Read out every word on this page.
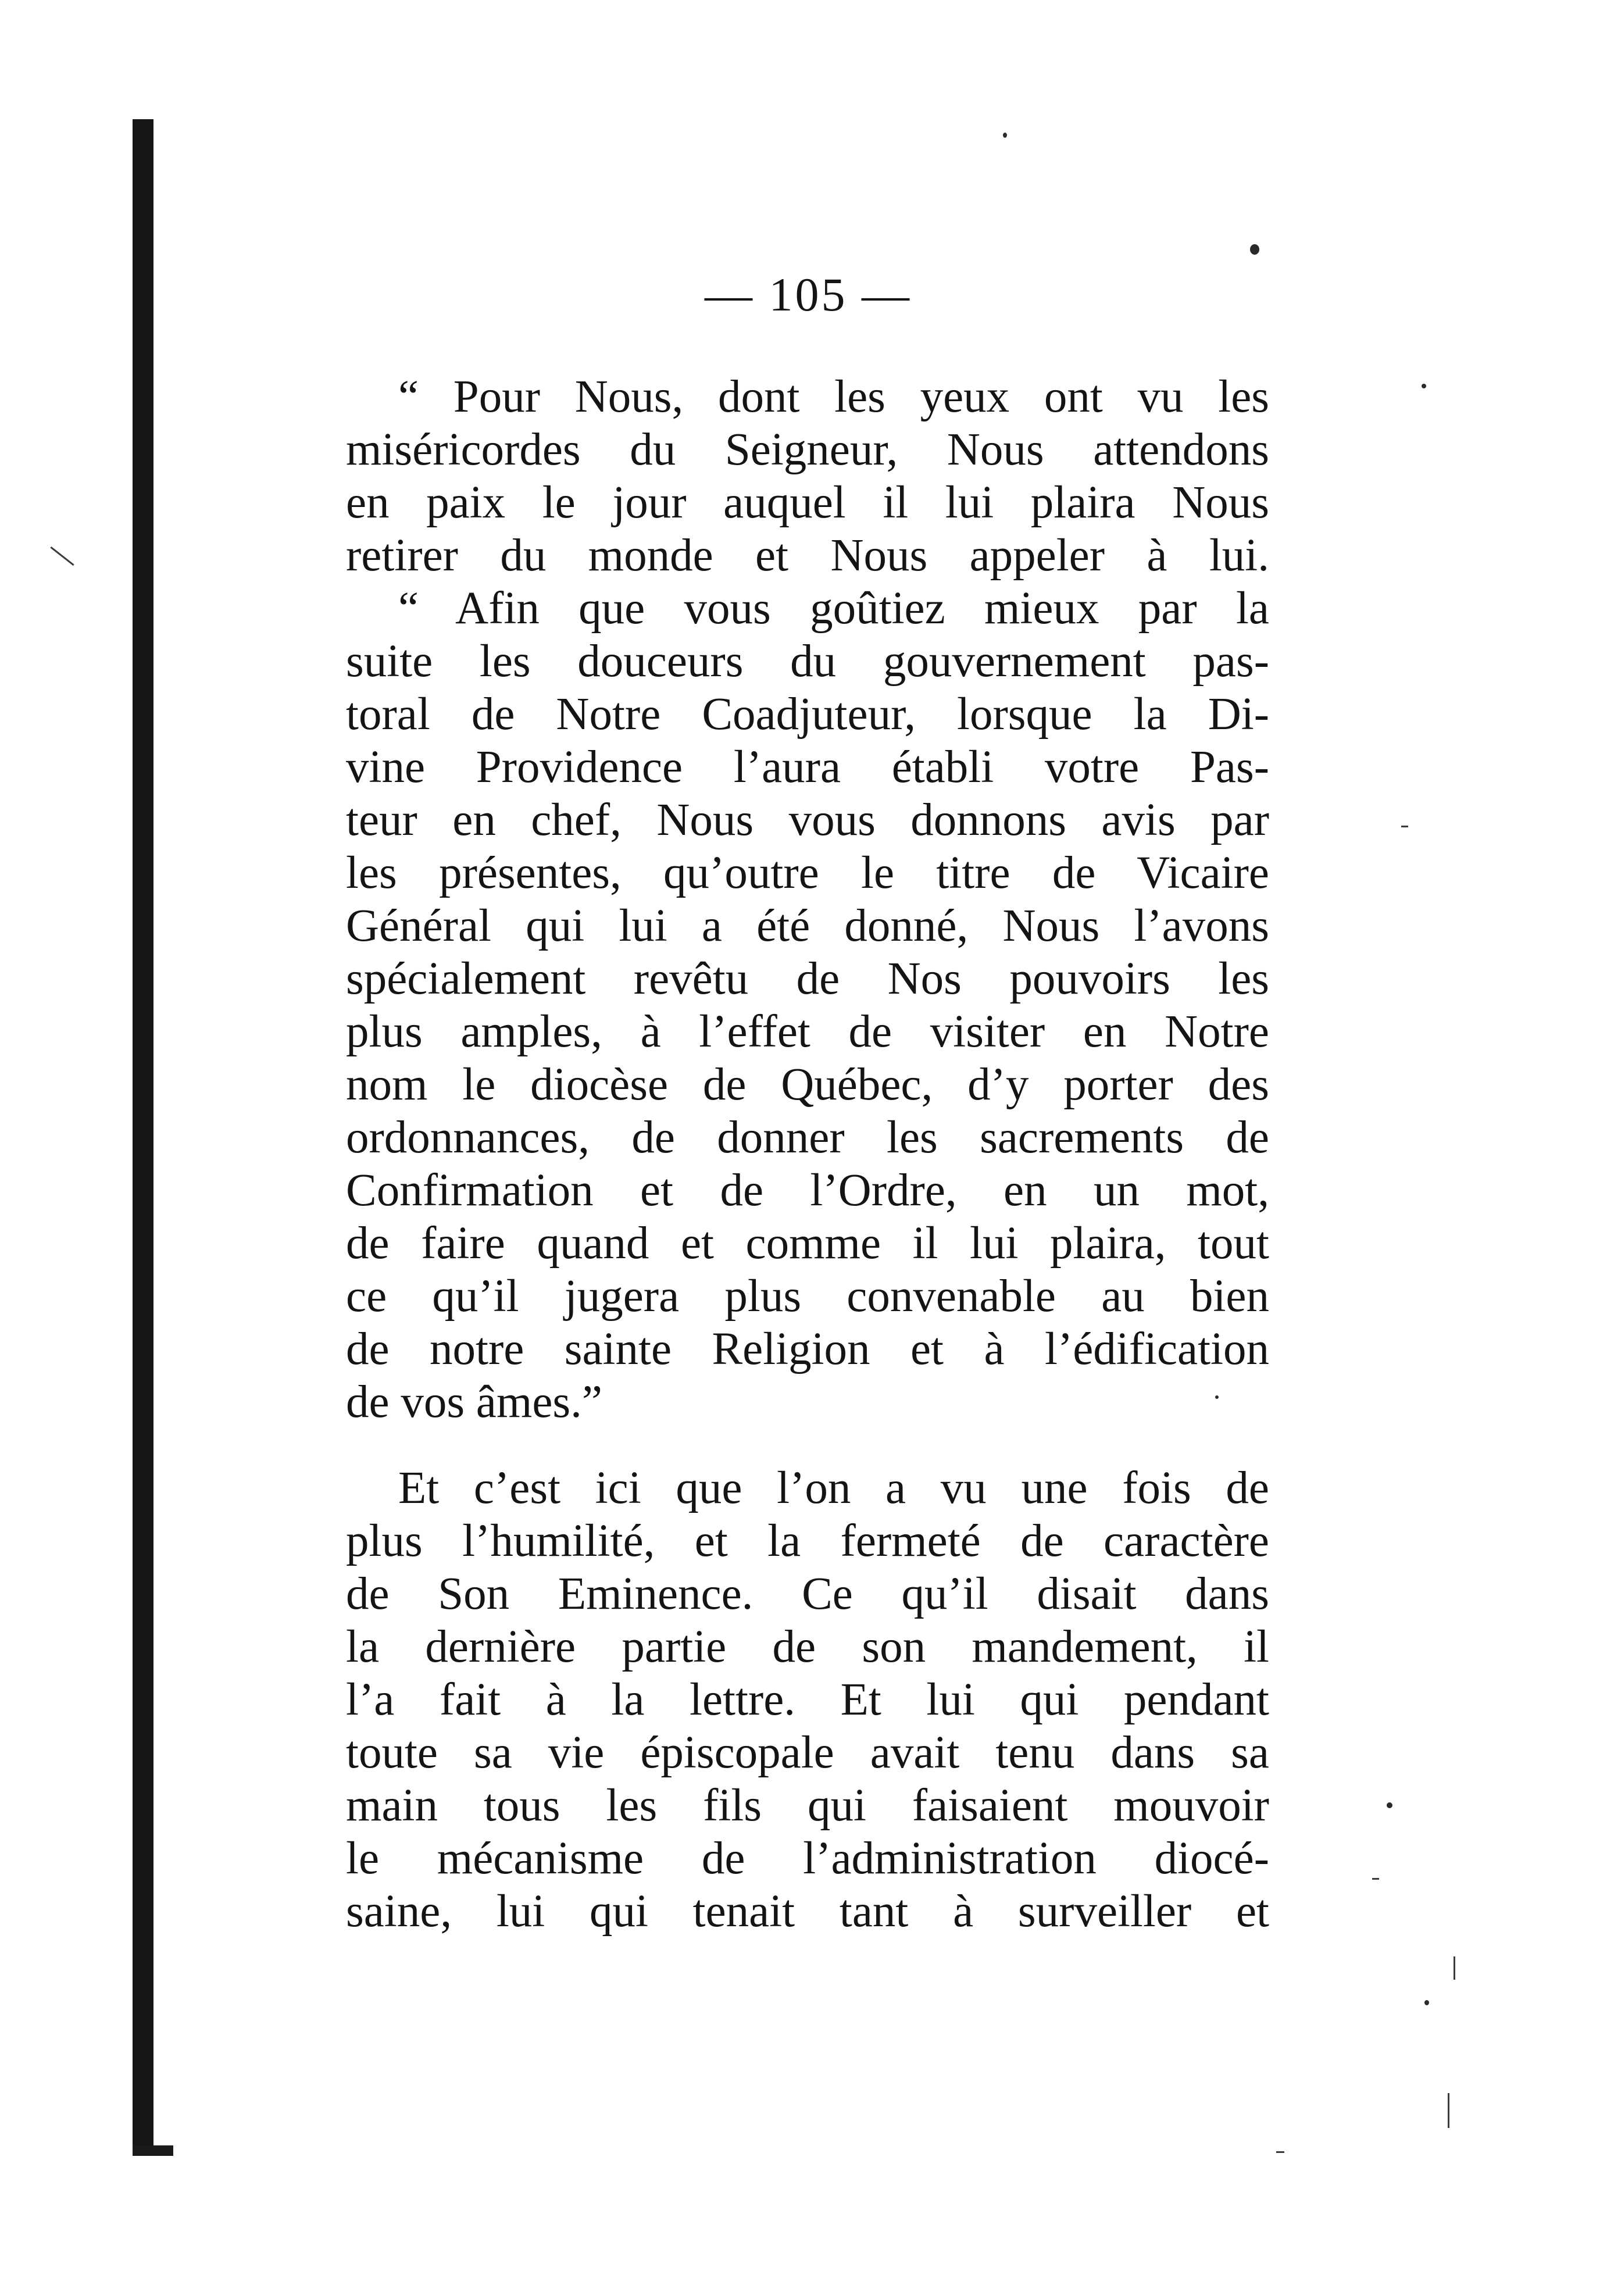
— 105 —
“ Pour Nous, dont les yeux ont vu les
miséricordes du Seigneur, Nous attendons
en paix le jour auquel il lui plaira Nous
retirer du monde et Nous appeler à lui.
“ Afin que vous goûtiez mieux par la
suite les douceurs du gouvernement pas-
toral de Notre Coadjuteur, lorsque la Di-
vine Providence l’aura établi votre Pas-
teur en chef, Nous vous donnons avis par
les présentes, qu’outre le titre de Vicaire
Général qui lui a été donné, Nous l’avons
spécialement revêtu de Nos pouvoirs les
plus amples, à l’effet de visiter en Notre
nom le diocèse de Québec, d’y porter des
ordonnances, de donner les sacrements de
Confirmation et de l’Ordre, en un mot,
de faire quand et comme il lui plaira, tout
ce qu’il jugera plus convenable au bien
de notre sainte Religion et à l’édification
de vos âmes.”
Et c’est ici que l’on a vu une fois de
plus l’humilité, et la fermeté de caractère
de Son Eminence. Ce qu’il disait dans
la dernière partie de son mandement, il
l’a fait à la lettre. Et lui qui pendant
toute sa vie épiscopale avait tenu dans sa
main tous les fils qui faisaient mouvoir
le mécanisme de l’administration diocé-
saine, lui qui tenait tant à surveiller et
